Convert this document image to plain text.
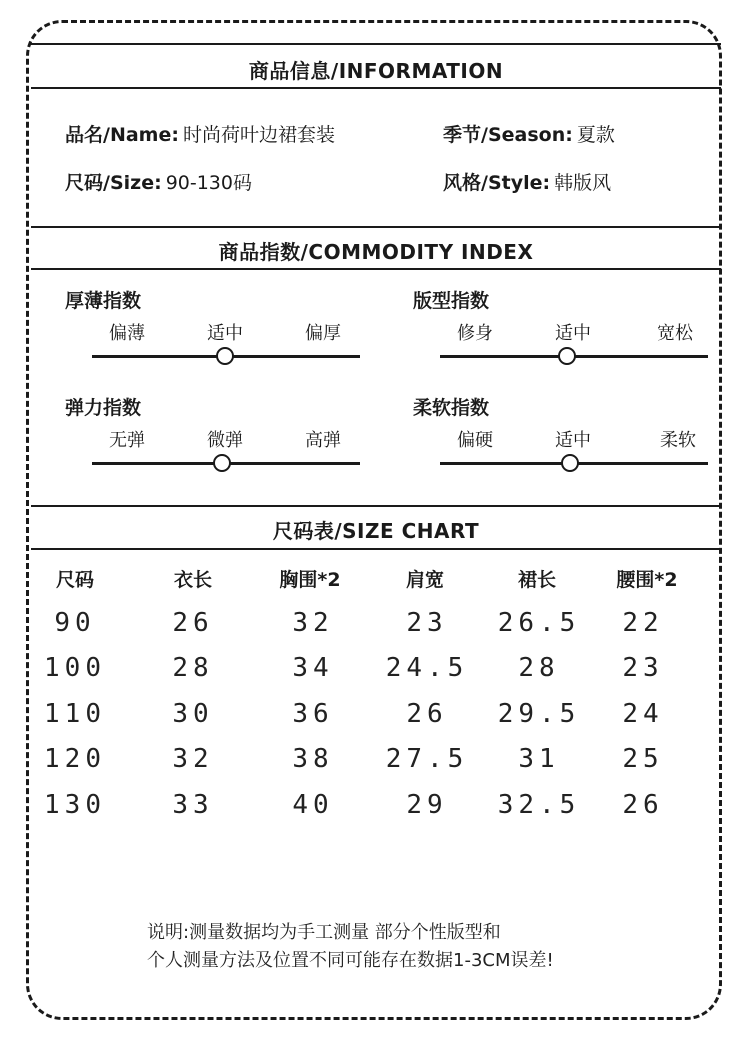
商品信息/INFORMATION
品名/Name: 时尚荷叶边裙套装	季节/Season: 夏款
尺码/Size: 90-130码	风格/Style: 韩版风
商品指数/COMMODITY INDEX
厚薄指数
偏薄	适中	偏厚
版型指数
修身	适中	宽松
弹力指数
无弹	微弹	高弹
柔软指数
偏硬	适中	柔软
尺码表/SIZE CHART
尺码	衣长	胸围*2	肩宽	裙长	腰围*2
90	26	32	23 26.5 22
100	28	34 24.5 28 23
110	30	36	26 29.5 24
120	32	38 27.5 31 25
130	33	40	29 32.5 26
说明:测量数据均为手工测量 部分个性版型和
个人测量方法及位置不同可能存在数据1-3CM误差!
